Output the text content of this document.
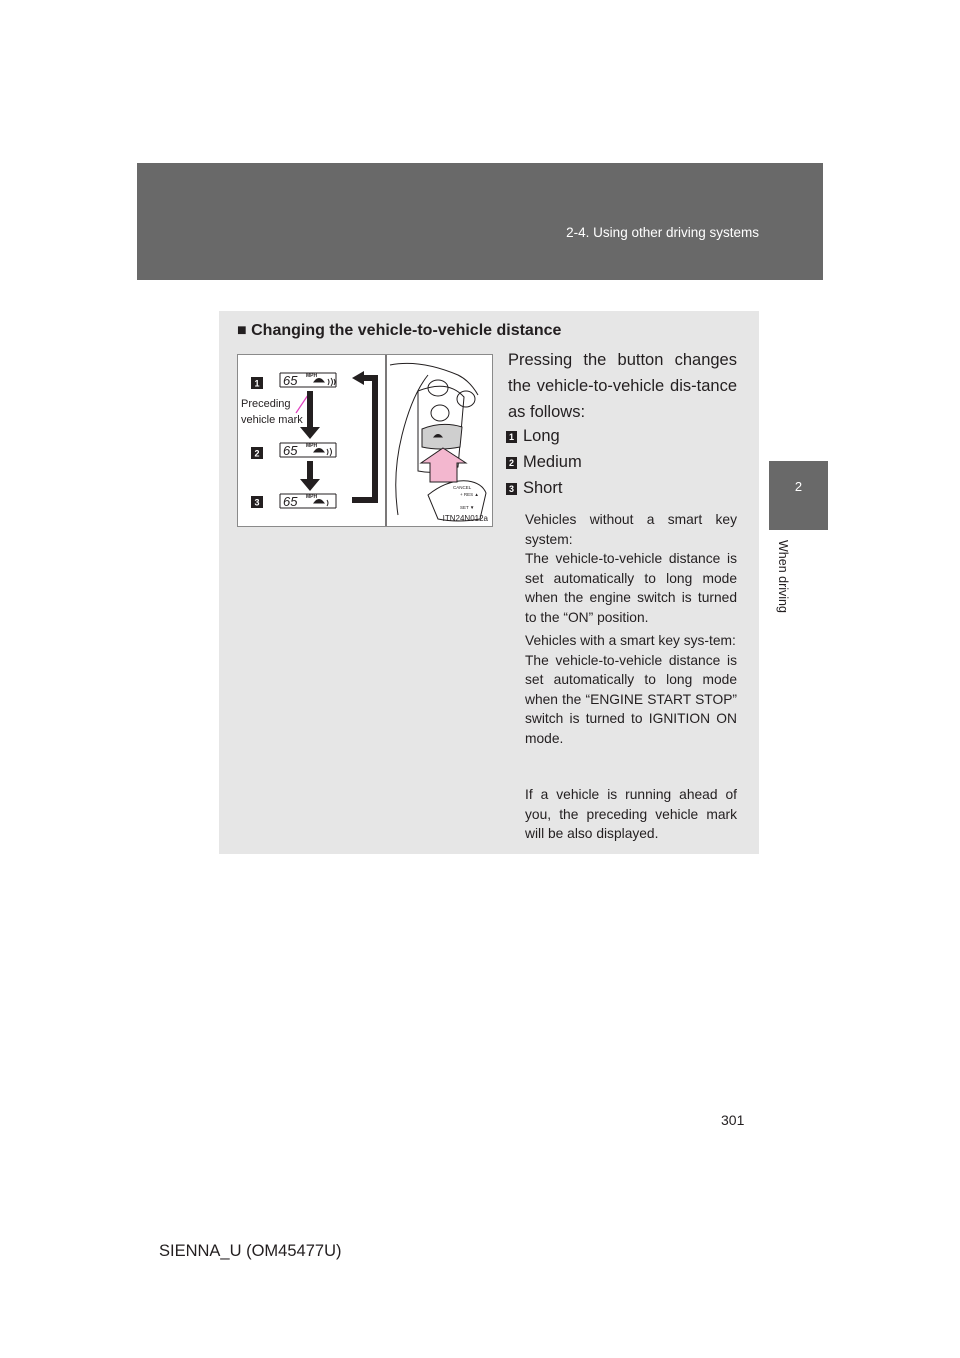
2-4. Using other driving systems
2
When driving
■ Changing the vehicle-to-vehicle distance
1
2
3
65
65
65
MPH
MPH
MPH
CANCEL
+ RES ▲
SET ▼
Preceding vehicle mark
ITN24N012a
Pressing the button changes the vehicle-to-vehicle dis-tance as follows:
1 Long
2 Medium
3 Short
Vehicles without a smart key system:
The vehicle-to-vehicle distance is set automatically to long mode when the engine switch is turned to the “ON” position.
Vehicles with a smart key sys-tem:
The vehicle-to-vehicle distance is set automatically to long mode when the “ENGINE START STOP” switch is turned to IGNITION ON mode.
If a vehicle is running ahead of you, the preceding vehicle mark will be also displayed.
301
SIENNA_U (OM45477U)
